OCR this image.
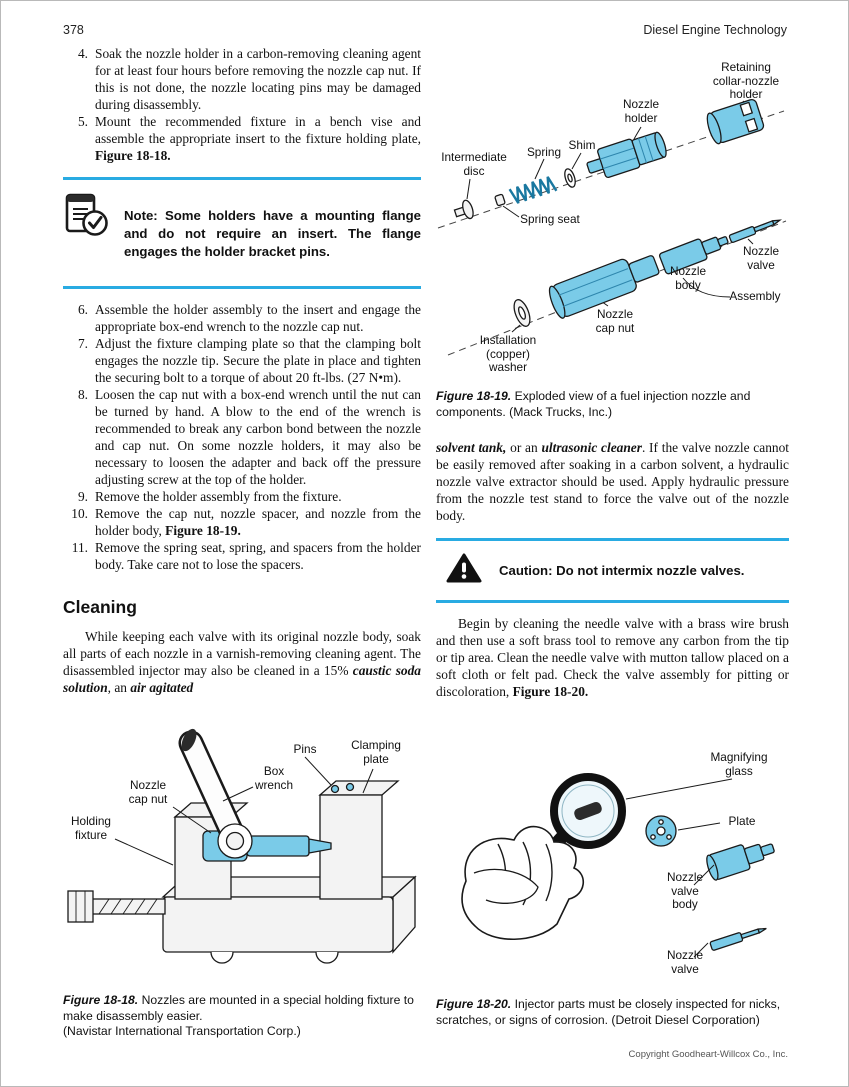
378	Diesel Engine Technology
4. Soak the nozzle holder in a carbon-removing cleaning agent for at least four hours before removing the nozzle cap nut. If this is not done, the nozzle locating pins may be damaged during disassembly.
5. Mount the recommended fixture in a bench vise and assemble the appropriate insert to the fixture holding plate, Figure 18-18.

Note: Some holders have a mounting flange and do not require an insert. The flange engages the holder bracket pins.

6. Assemble the holder assembly to the insert and engage the appropriate box-end wrench to the nozzle cap nut.
7. Adjust the fixture clamping plate so that the clamping bolt engages the nozzle tip. Secure the plate in place and tighten the securing bolt to a torque of about 20 ft-lbs. (27 N•m).
8. Loosen the cap nut with a box-end wrench until the nut can be turned by hand. A blow to the end of the wrench is recommended to break any carbon bond between the nozzle and cap nut. On some nozzle holders, it may also be necessary to loosen the adapter and back off the pressure adjusting screw at the top of the holder.
9. Remove the holder assembly from the fixture.
10. Remove the cap nut, nozzle spacer, and nozzle from the holder body, Figure 18-19.
11. Remove the spring seat, spring, and spacers from the holder body. Take care not to lose the spacers.
Cleaning

While keeping each valve with its original nozzle body, soak all parts of each nozzle in a varnish-removing cleaning agent. The disassembled injector may also be cleaned in a 15% caustic soda solution, an air agitated

Retaining collar-nozzle holder
Nozzle holder
Shim
Spring
Intermediate disc
Spring seat
Nozzle valve
Nozzle body
Assembly
Nozzle cap nut
Installation (copper) washer
Figure 18-19. Exploded view of a fuel injection nozzle and components. (Mack Trucks, Inc.)

solvent tank, or an ultrasonic cleaner. If the valve nozzle cannot be easily removed after soaking in a carbon solvent, a hydraulic nozzle valve extractor should be used. Apply hydraulic pressure from the nozzle test stand to force the valve out of the nozzle body.

Caution: Do not intermix nozzle valves.

Begin by cleaning the needle valve with a brass wire brush and then use a soft brass tool to remove any carbon from the tip or tip area. Clean the needle valve with mutton tallow placed on a soft cloth or felt pad. Check the valve assembly for pitting or discoloration, Figure 18-20.

Pins	Clamping plate
Box wrench
Nozzle cap nut
Holding fixture
Figure 18-18. Nozzles are mounted in a special holding fixture to make disassembly easier.
(Navistar International Transportation Corp.)
Magnifying glass
Plate
Nozzle valve body
Nozzle valve
Figure 18-20. Injector parts must be closely inspected for nicks, scratches, or signs of corrosion. (Detroit Diesel Corporation)
Copyright Goodheart-Willcox Co., Inc.
